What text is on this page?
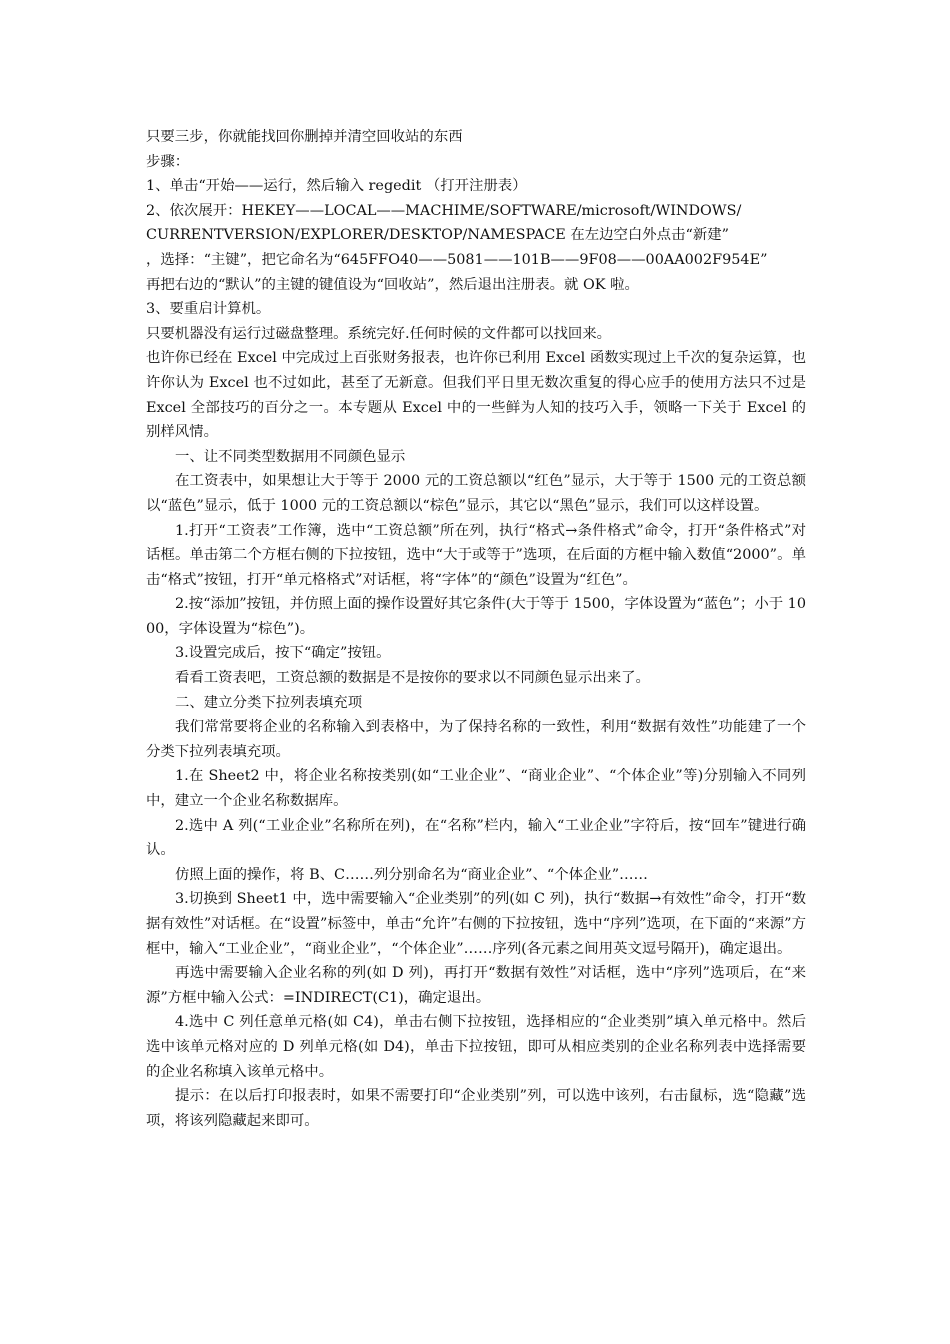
只要三步，你就能找回你删掉并清空回收站的东西

步骤：

1、单击“开始——运行，然后输入 regedit （打开注册表）

2、依次展开：HEKEY——LOCAL——MACHIME/SOFTWARE/microsoft/WINDOWS/
CURRENTVERSION/EXPLORER/DESKTOP/NAMESPACE 在左边空白外点击“新建”
，选择：“主键”，把它命名为“645FFO40——5081——101B——9F08——00AA002F954E”
再把右边的“默认”的主键的键值设为“回收站”，然后退出注册表。就 OK 啦。

3、要重启计算机。

只要机器没有运行过磁盘整理。系统完好.任何时候的文件都可以找回来。

也许你已经在 Excel 中完成过上百张财务报表，也许你已利用 Excel 函数实现过上千次的复杂运算，也许你认为 Excel 也不过如此，甚至了无新意。但我们平日里无数次重复的得心应手的使用方法只不过是 Excel 全部技巧的百分之一。本专题从 Excel 中的一些鲜为人知的技巧入手，领略一下关于 Excel 的别样风情。

一、让不同类型数据用不同颜色显示

在工资表中，如果想让大于等于 2000 元的工资总额以“红色”显示，大于等于 1500 元的工资总额以“蓝色”显示，低于 1000 元的工资总额以“棕色”显示，其它以“黑色”显示，我们可以这样设置。

1.打开“工资表”工作簿，选中“工资总额”所在列，执行“格式→条件格式”命令，打开“条件格式”对话框。单击第二个方框右侧的下拉按钮，选中“大于或等于”选项，在后面的方框中输入数值“2000”。单击“格式”按钮，打开“单元格格式”对话框，将“字体”的“颜色”设置为“红色”。

2.按“添加”按钮，并仿照上面的操作设置好其它条件(大于等于 1500，字体设置为“蓝色”；小于 1000，字体设置为“棕色”)。

3.设置完成后，按下“确定”按钮。

看看工资表吧，工资总额的数据是不是按你的要求以不同颜色显示出来了。

二、建立分类下拉列表填充项

我们常常要将企业的名称输入到表格中，为了保持名称的一致性，利用“数据有效性”功能建了一个分类下拉列表填充项。

1.在 Sheet2 中，将企业名称按类别(如“工业企业”、“商业企业”、“个体企业”等)分别输入不同列中，建立一个企业名称数据库。

2.选中 A 列(“工业企业”名称所在列)，在“名称”栏内，输入“工业企业”字符后，按“回车”键进行确认。

仿照上面的操作，将 B、C……列分别命名为“商业企业”、“个体企业”……

3.切换到 Sheet1 中，选中需要输入“企业类别”的列(如 C 列)，执行“数据→有效性”命令，打开“数据有效性”对话框。在“设置”标签中，单击“允许”右侧的下拉按钮，选中“序列”选项，在下面的“来源”方框中，输入“工业企业”，“商业企业”，“个体企业”……序列(各元素之间用英文逗号隔开)，确定退出。

再选中需要输入企业名称的列(如 D 列)，再打开“数据有效性”对话框，选中“序列”选项后，在“来源”方框中输入公式：=INDIRECT(C1)，确定退出。

4.选中 C 列任意单元格(如 C4)，单击右侧下拉按钮，选择相应的“企业类别”填入单元格中。然后选中该单元格对应的 D 列单元格(如 D4)，单击下拉按钮，即可从相应类别的企业名称列表中选择需要的企业名称填入该单元格中。

提示：在以后打印报表时，如果不需要打印“企业类别”列，可以选中该列，右击鼠标，选“隐藏”选项，将该列隐藏起来即可。
